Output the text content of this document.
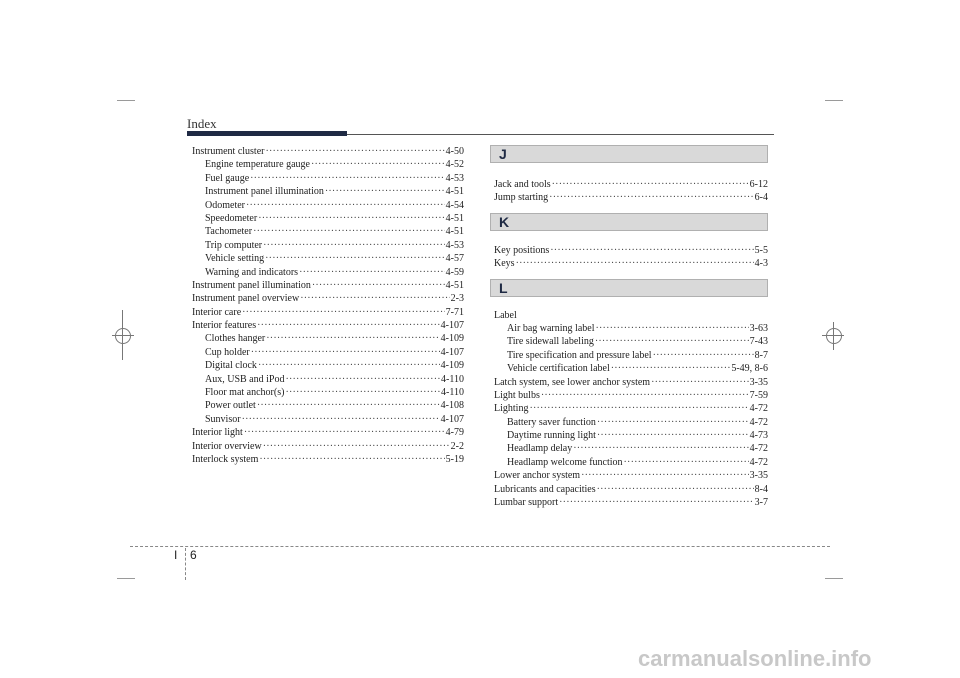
Index
Instrument cluster ·····	4-50
Engine temperature gauge ·····	4-52
Fuel gauge ·····	4-53
Instrument panel illumination ·····	4-51
Odometer ·····	4-54
Speedometer ·····	4-51
Tachometer ·····	4-51
Trip computer ·····	4-53
Vehicle setting ·····	4-57
Warning and indicators ·····	4-59
Instrument panel illumination ·····	4-51
Instrument panel overview ·····	2-3
Interior care ·····	7-71
Interior features ·····	4-107
Clothes hanger ·····	4-109
Cup holder ·····	4-107
Digital clock ·····	4-109
Aux, USB and iPod ·····	4-110
Floor mat anchor(s) ·····	4-110
Power outlet ·····	4-108
Sunvisor ·····	4-107
Interior light ·····	4-79
Interior overview ·····	2-2
Interlock system ·····	5-19
J
Jack and tools ·····	6-12
Jump starting ·····	6-4
K
Key positions ·····	5-5
Keys ·····	4-3
L
Label
Air bag warning label ·····	3-63
Tire sidewall labeling ·····	7-43
Tire specification and pressure label ·····	8-7
Vehicle certification label ·····	5-49, 8-6
Latch system, see lower anchor system ·····	3-35
Light bulbs ·····	7-59
Lighting ·····	4-72
Battery saver function ·····	4-72
Daytime running light ·····	4-73
Headlamp delay ·····	4-72
Headlamp welcome function ·····	4-72
Lower anchor system ·····	3-35
Lubricants and capacities ·····	8-4
Lumbar support ·····	3-7
I 6
carmanualsonline.info
